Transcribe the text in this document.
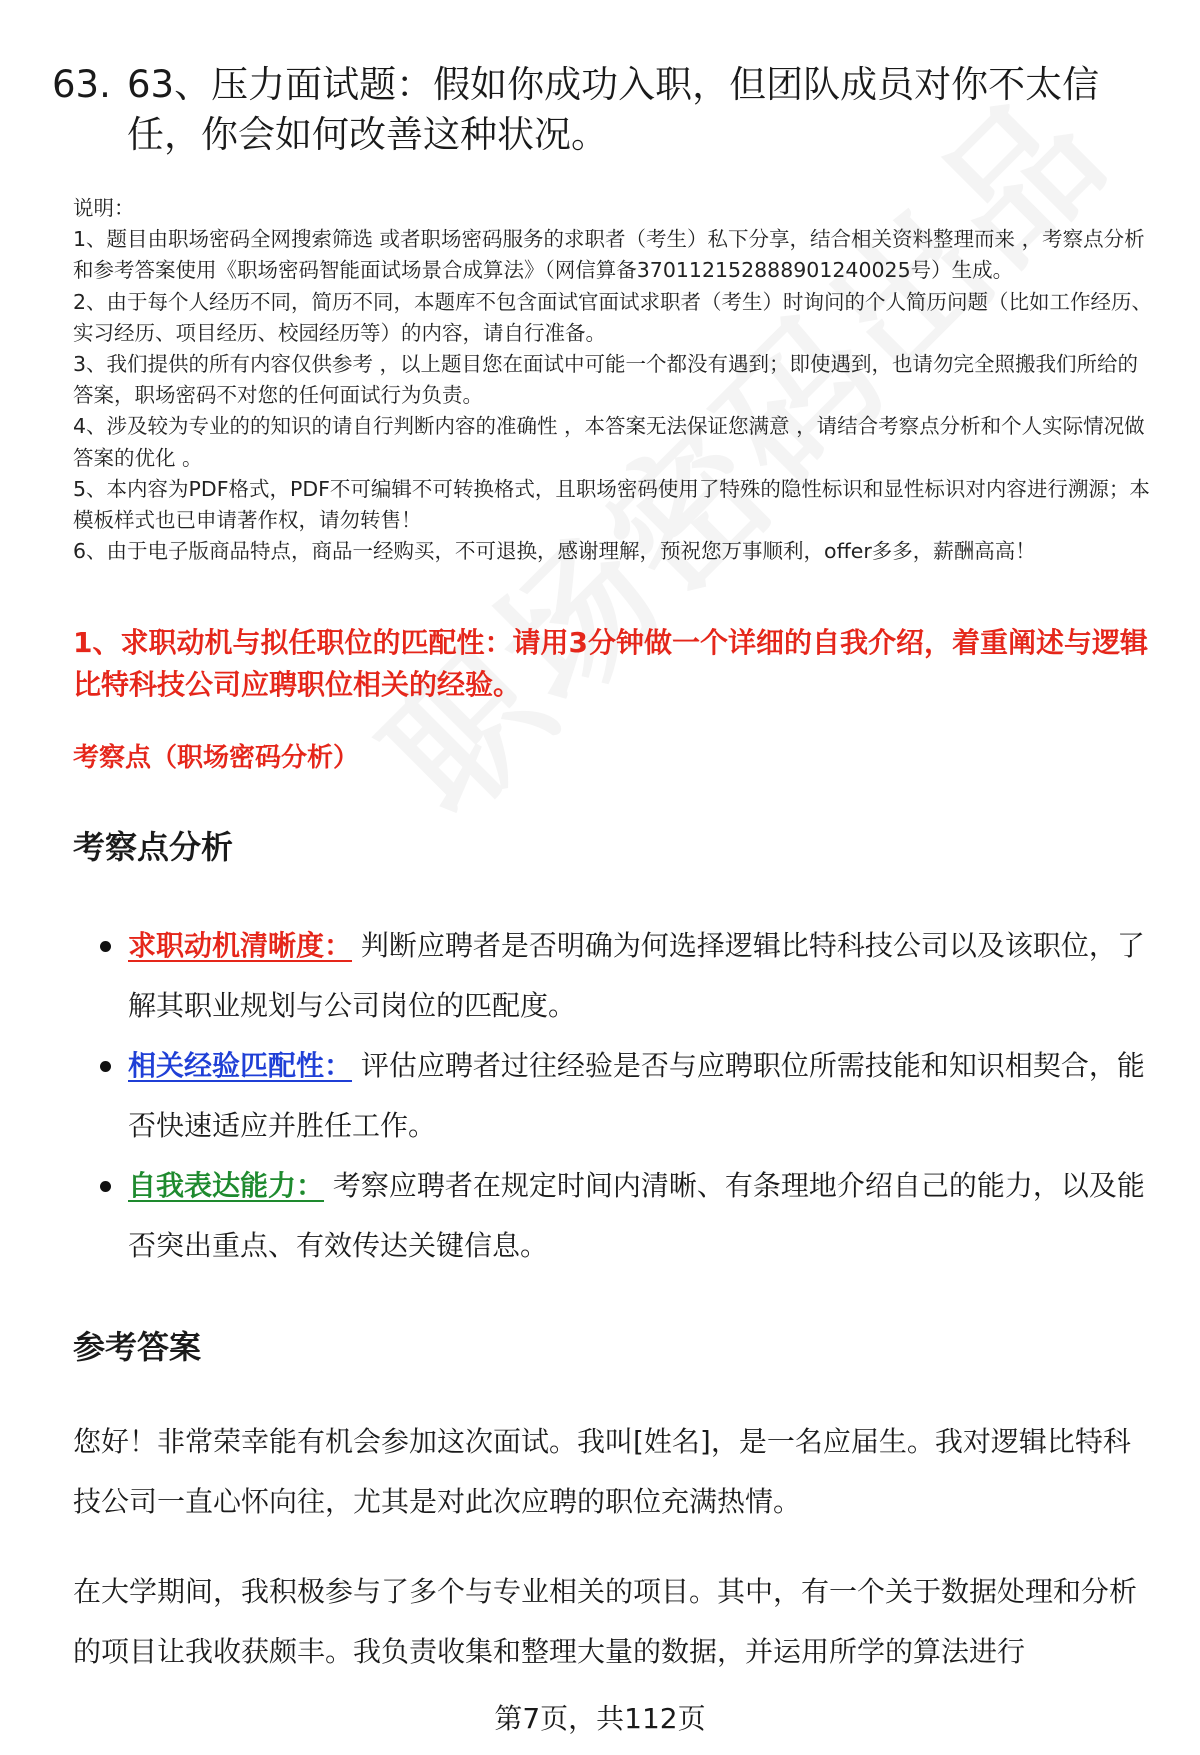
63. 63、压力面试题：假如你成功入职，但团队成员对你不太信任，你会如何改善这种状况。

说明：

1、题目由职场密码全网搜索筛选 或者职场密码服务的求职者（考生）私下分享，结合相关资料整理而来 ，考察点分析和参考答案使用《职场密码智能面试场景合成算法》（网信算备370112152888901240025号）生成。

2、由于每个人经历不同，简历不同，本题库不包含面试官面试求职者（考生）时询问的个人简历问题（比如工作经历、实习经历、项目经历、校园经历等）的内容，请自行准备。

3、我们提供的所有内容仅供参考 ，以上题目您在面试中可能一个都没有遇到；即使遇到，也请勿完全照搬我们所给的答案，职场密码不对您的任何面试行为负责。

4、涉及较为专业的的知识的请自行判断内容的准确性 ，本答案无法保证您满意 ，请结合考察点分析和个人实际情况做答案的优化 。

5、本内容为PDF格式，PDF不可编辑不可转换格式，且职场密码使用了特殊的隐性标识和显性标识对内容进行溯源；本模板样式也已申请著作权，请勿转售！

6、由于电子版商品特点，商品一经购买，不可退换，感谢理解，预祝您万事顺利，offer多多，薪酬高高！

1、求职动机与拟任职位的匹配性：请用3分钟做一个详细的自我介绍，着重阐述与逻辑比特科技公司应聘职位相关的经验。
考察点（职场密码分析）
考察点分析
求职动机清晰度： 判断应聘者是否明确为何选择逻辑比特科技公司以及该职位，了解其职业规划与公司岗位的匹配度。
相关经验匹配性： 评估应聘者过往经验是否与应聘职位所需技能和知识相契合，能否快速适应并胜任工作。
自我表达能力： 考察应聘者在规定时间内清晰、有条理地介绍自己的能力，以及能否突出重点、有效传达关键信息。
参考答案

您好！非常荣幸能有机会参加这次面试。我叫[姓名]，是一名应届生。我对逻辑比特科技公司一直心怀向往，尤其是对此次应聘的职位充满热情。

在大学期间，我积极参与了多个与专业相关的项目。其中，有一个关于数据处理和分析的项目让我收获颇丰。我负责收集和整理大量的数据，并运用所学的算法进行

第7页，共112页
